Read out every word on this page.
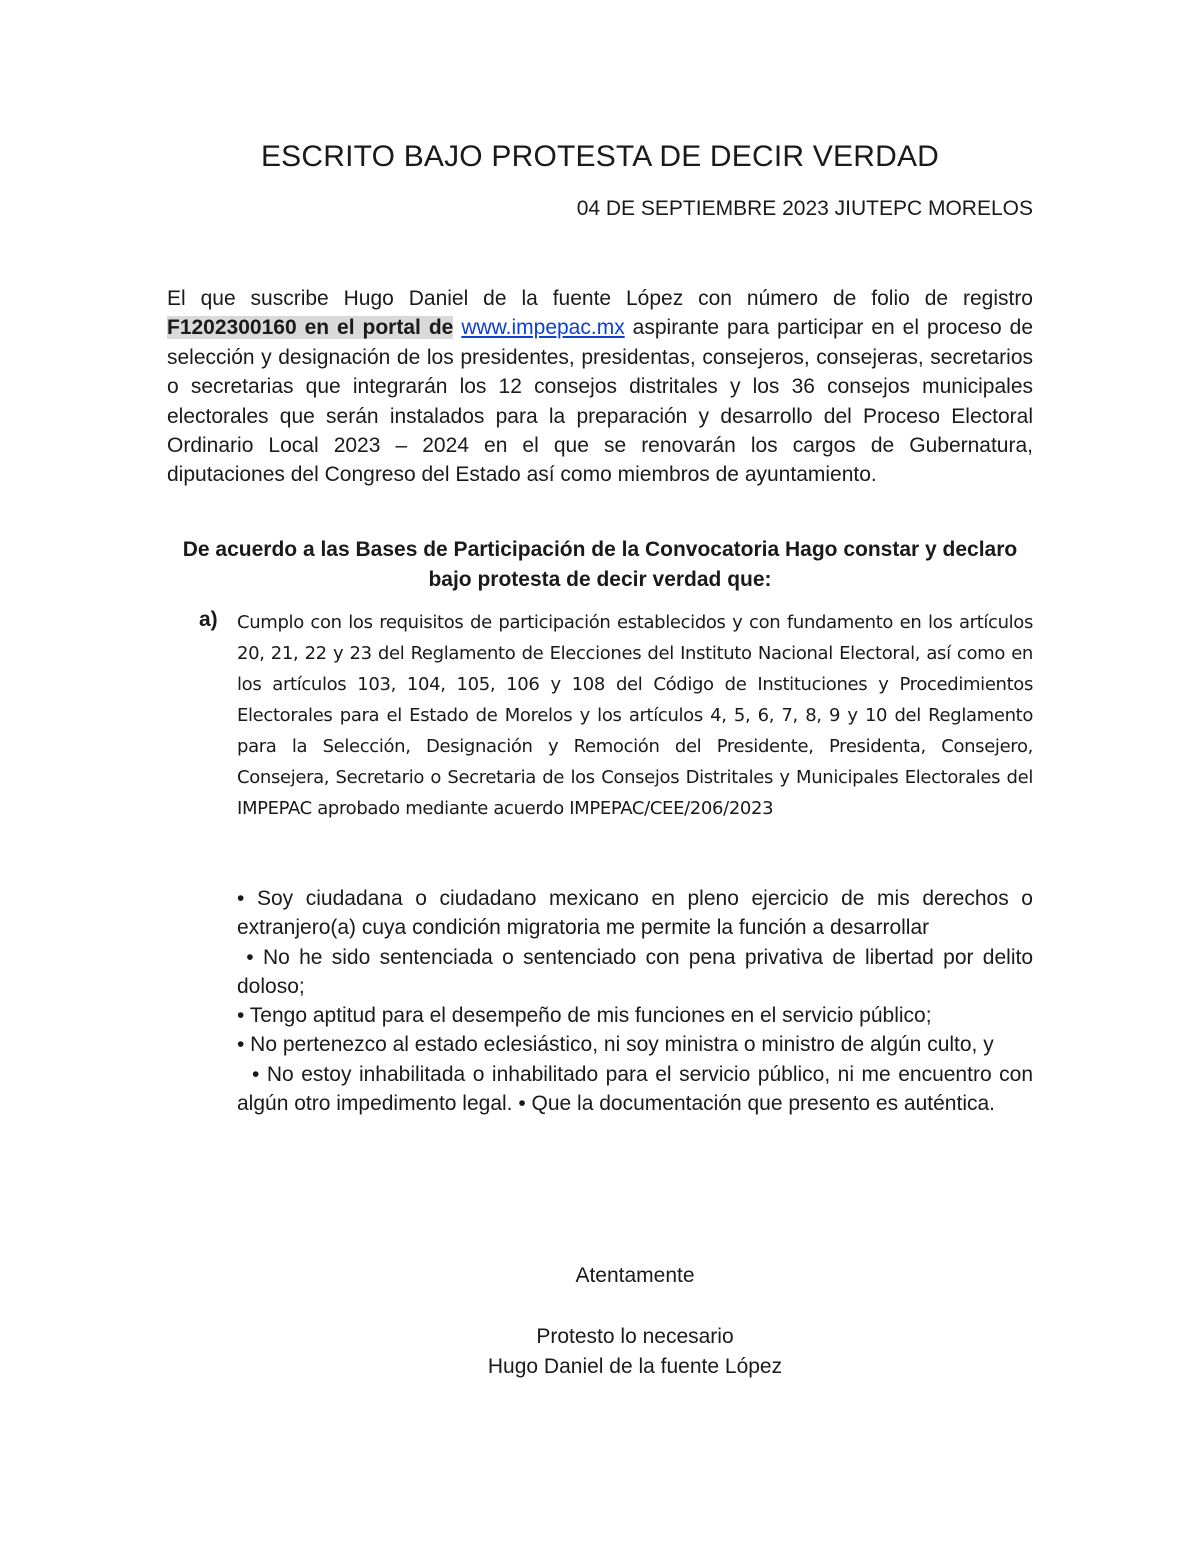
ESCRITO BAJO PROTESTA DE DECIR VERDAD
04 DE SEPTIEMBRE 2023 JIUTEPC MORELOS
El que suscribe Hugo Daniel de la fuente López con número de folio de registro F1202300160 en el portal de www.impepac.mx aspirante para participar en el proceso de selección y designación de los presidentes, presidentas, consejeros, consejeras, secretarios o secretarias que integrarán los 12 consejos distritales y los 36 consejos municipales electorales que serán instalados para la preparación y desarrollo del Proceso Electoral Ordinario Local 2023 – 2024 en el que se renovarán los cargos de Gubernatura, diputaciones del Congreso del Estado así como miembros de ayuntamiento.
De acuerdo a las Bases de Participación de la Convocatoria Hago constar y declaro bajo protesta de decir verdad que:
a) Cumplo con los requisitos de participación establecidos y con fundamento en los artículos 20, 21, 22 y 23 del Reglamento de Elecciones del Instituto Nacional Electoral, así como en los artículos 103, 104, 105, 106 y 108 del Código de Instituciones y Procedimientos Electorales para el Estado de Morelos y los artículos 4, 5, 6, 7, 8, 9 y 10 del Reglamento para la Selección, Designación y Remoción del Presidente, Presidenta, Consejero, Consejera, Secretario o Secretaria de los Consejos Distritales y Municipales Electorales del IMPEPAC aprobado mediante acuerdo IMPEPAC/CEE/206/2023

• Soy ciudadana o ciudadano mexicano en pleno ejercicio de mis derechos o extranjero(a) cuya condición migratoria me permite la función a desarrollar

• No he sido sentenciada o sentenciado con pena privativa de libertad por delito doloso;

• Tengo aptitud para el desempeño de mis funciones en el servicio público;

• No pertenezco al estado eclesiástico, ni soy ministra o ministro de algún culto, y

• No estoy inhabilitada o inhabilitado para el servicio público, ni me encuentro con algún otro impedimento legal. • Que la documentación que presento es auténtica.

Atentamente
Protesto lo necesario
Hugo Daniel de la fuente López
